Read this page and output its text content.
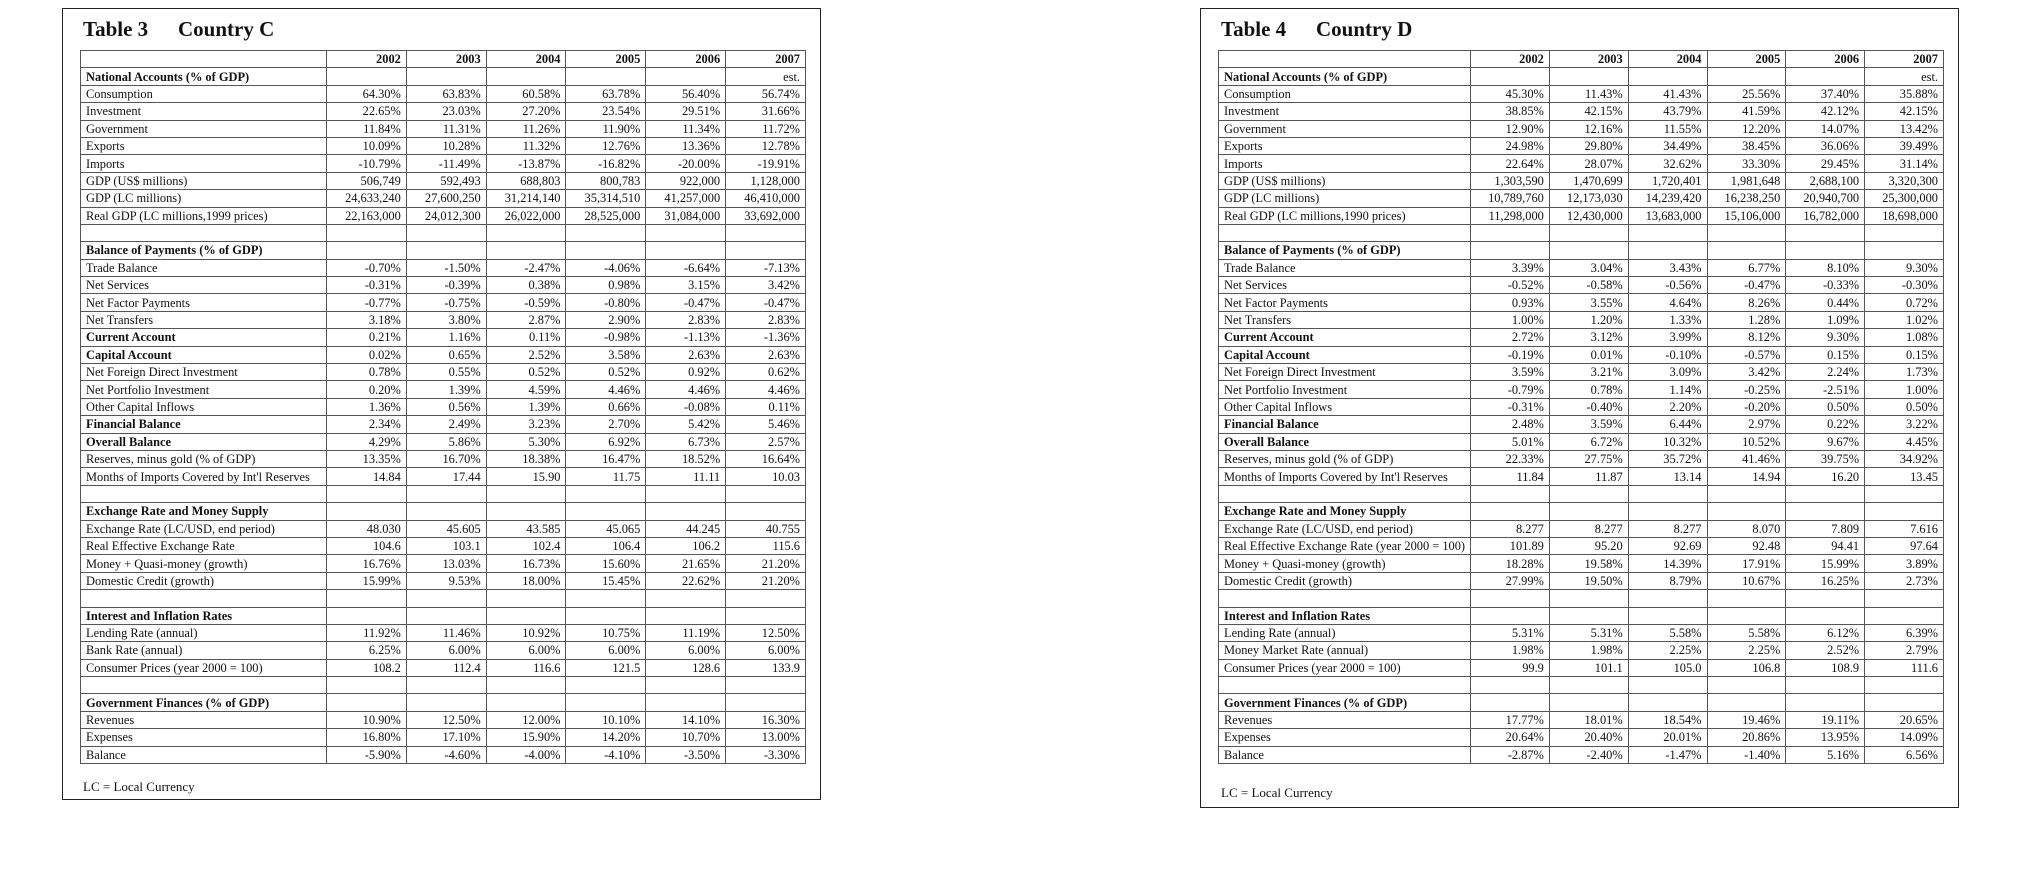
Table 3 Country C
	2002	2003	2004	2005	2006	2007
National Accounts (% of GDP)						est.
Consumption	64.30%	63.83%	60.58%	63.78%	56.40%	56.74%
Investment	22.65%	23.03%	27.20%	23.54%	29.51%	31.66%
Government	11.84%	11.31%	11.26%	11.90%	11.34%	11.72%
Exports	10.09%	10.28%	11.32%	12.76%	13.36%	12.78%
Imports	-10.79%	-11.49%	-13.87%	-16.82%	-20.00%	-19.91%
GDP (US$ millions)	506,749	592,493	688,803	800,783	922,000	1,128,000
GDP (LC millions)	24,633,240	27,600,250	31,214,140	35,314,510	41,257,000	46,410,000
Real GDP (LC millions,1999 prices)	22,163,000	24,012,300	26,022,000	28,525,000	31,084,000	33,692,000

Balance of Payments (% of GDP)						
Trade Balance	-0.70%	-1.50%	-2.47%	-4.06%	-6.64%	-7.13%
Net Services	-0.31%	-0.39%	0.38%	0.98%	3.15%	3.42%
Net Factor Payments	-0.77%	-0.75%	-0.59%	-0.80%	-0.47%	-0.47%
Net Transfers	3.18%	3.80%	2.87%	2.90%	2.83%	2.83%
Current Account	0.21%	1.16%	0.11%	-0.98%	-1.13%	-1.36%
Capital Account	0.02%	0.65%	2.52%	3.58%	2.63%	2.63%
Net Foreign Direct Investment	0.78%	0.55%	0.52%	0.52%	0.92%	0.62%
Net Portfolio Investment	0.20%	1.39%	4.59%	4.46%	4.46%	4.46%
Other Capital Inflows	1.36%	0.56%	1.39%	0.66%	-0.08%	0.11%
Financial Balance	2.34%	2.49%	3.23%	2.70%	5.42%	5.46%
Overall Balance	4.29%	5.86%	5.30%	6.92%	6.73%	2.57%
Reserves, minus gold (% of GDP)	13.35%	16.70%	18.38%	16.47%	18.52%	16.64%
Months of Imports Covered by Int'l Reserves	14.84	17.44	15.90	11.75	11.11	10.03

Exchange Rate and Money Supply						
Exchange Rate (LC/USD, end period)	48.030	45.605	43.585	45.065	44.245	40.755
Real Effective Exchange Rate	104.6	103.1	102.4	106.4	106.2	115.6
Money + Quasi-money (growth)	16.76%	13.03%	16.73%	15.60%	21.65%	21.20%
Domestic Credit (growth)	15.99%	9.53%	18.00%	15.45%	22.62%	21.20%

Interest and Inflation Rates						
Lending Rate (annual)	11.92%	11.46%	10.92%	10.75%	11.19%	12.50%
Bank Rate (annual)	6.25%	6.00%	6.00%	6.00%	6.00%	6.00%
Consumer Prices (year 2000 = 100)	108.2	112.4	116.6	121.5	128.6	133.9

Government Finances (% of GDP)						
Revenues	10.90%	12.50%	12.00%	10.10%	14.10%	16.30%
Expenses	16.80%	17.10%	15.90%	14.20%	10.70%	13.00%
Balance	-5.90%	-4.60%	-4.00%	-4.10%	-3.50%	-3.30%
LC = Local Currency
Table 4 Country D
	2002	2003	2004	2005	2006	2007
National Accounts (% of GDP)						est.
Consumption	45.30%	11.43%	41.43%	25.56%	37.40%	35.88%
Investment	38.85%	42.15%	43.79%	41.59%	42.12%	42.15%
Government	12.90%	12.16%	11.55%	12.20%	14.07%	13.42%
Exports	24.98%	29.80%	34.49%	38.45%	36.06%	39.49%
Imports	22.64%	28.07%	32.62%	33.30%	29.45%	31.14%
GDP (US$ millions)	1,303,590	1,470,699	1,720,401	1,981,648	2,688,100	3,320,300
GDP (LC millions)	10,789,760	12,173,030	14,239,420	16,238,250	20,940,700	25,300,000
Real GDP (LC millions,1990 prices)	11,298,000	12,430,000	13,683,000	15,106,000	16,782,000	18,698,000

Balance of Payments (% of GDP)						
Trade Balance	3.39%	3.04%	3.43%	6.77%	8.10%	9.30%
Net Services	-0.52%	-0.58%	-0.56%	-0.47%	-0.33%	-0.30%
Net Factor Payments	0.93%	3.55%	4.64%	8.26%	0.44%	0.72%
Net Transfers	1.00%	1.20%	1.33%	1.28%	1.09%	1.02%
Current Account	2.72%	3.12%	3.99%	8.12%	9.30%	1.08%
Capital Account	-0.19%	0.01%	-0.10%	-0.57%	0.15%	0.15%
Net Foreign Direct Investment	3.59%	3.21%	3.09%	3.42%	2.24%	1.73%
Net Portfolio Investment	-0.79%	0.78%	1.14%	-0.25%	-2.51%	1.00%
Other Capital Inflows	-0.31%	-0.40%	2.20%	-0.20%	0.50%	0.50%
Financial Balance	2.48%	3.59%	6.44%	2.97%	0.22%	3.22%
Overall Balance	5.01%	6.72%	10.32%	10.52%	9.67%	4.45%
Reserves, minus gold (% of GDP)	22.33%	27.75%	35.72%	41.46%	39.75%	34.92%
Months of Imports Covered by Int'l Reserves	11.84	11.87	13.14	14.94	16.20	13.45

Exchange Rate and Money Supply						
Exchange Rate (LC/USD, end period)	8.277	8.277	8.277	8.070	7.809	7.616
Real Effective Exchange Rate (year 2000 = 100)	101.89	95.20	92.69	92.48	94.41	97.64
Money + Quasi-money (growth)	18.28%	19.58%	14.39%	17.91%	15.99%	3.89%
Domestic Credit (growth)	27.99%	19.50%	8.79%	10.67%	16.25%	2.73%

Interest and Inflation Rates						
Lending Rate (annual)	5.31%	5.31%	5.58%	5.58%	6.12%	6.39%
Money Market Rate (annual)	1.98%	1.98%	2.25%	2.25%	2.52%	2.79%
Consumer Prices (year 2000 = 100)	99.9	101.1	105.0	106.8	108.9	111.6

Government Finances (% of GDP)						
Revenues	17.77%	18.01%	18.54%	19.46%	19.11%	20.65%
Expenses	20.64%	20.40%	20.01%	20.86%	13.95%	14.09%
Balance	-2.87%	-2.40%	-1.47%	-1.40%	5.16%	6.56%
LC = Local Currency
